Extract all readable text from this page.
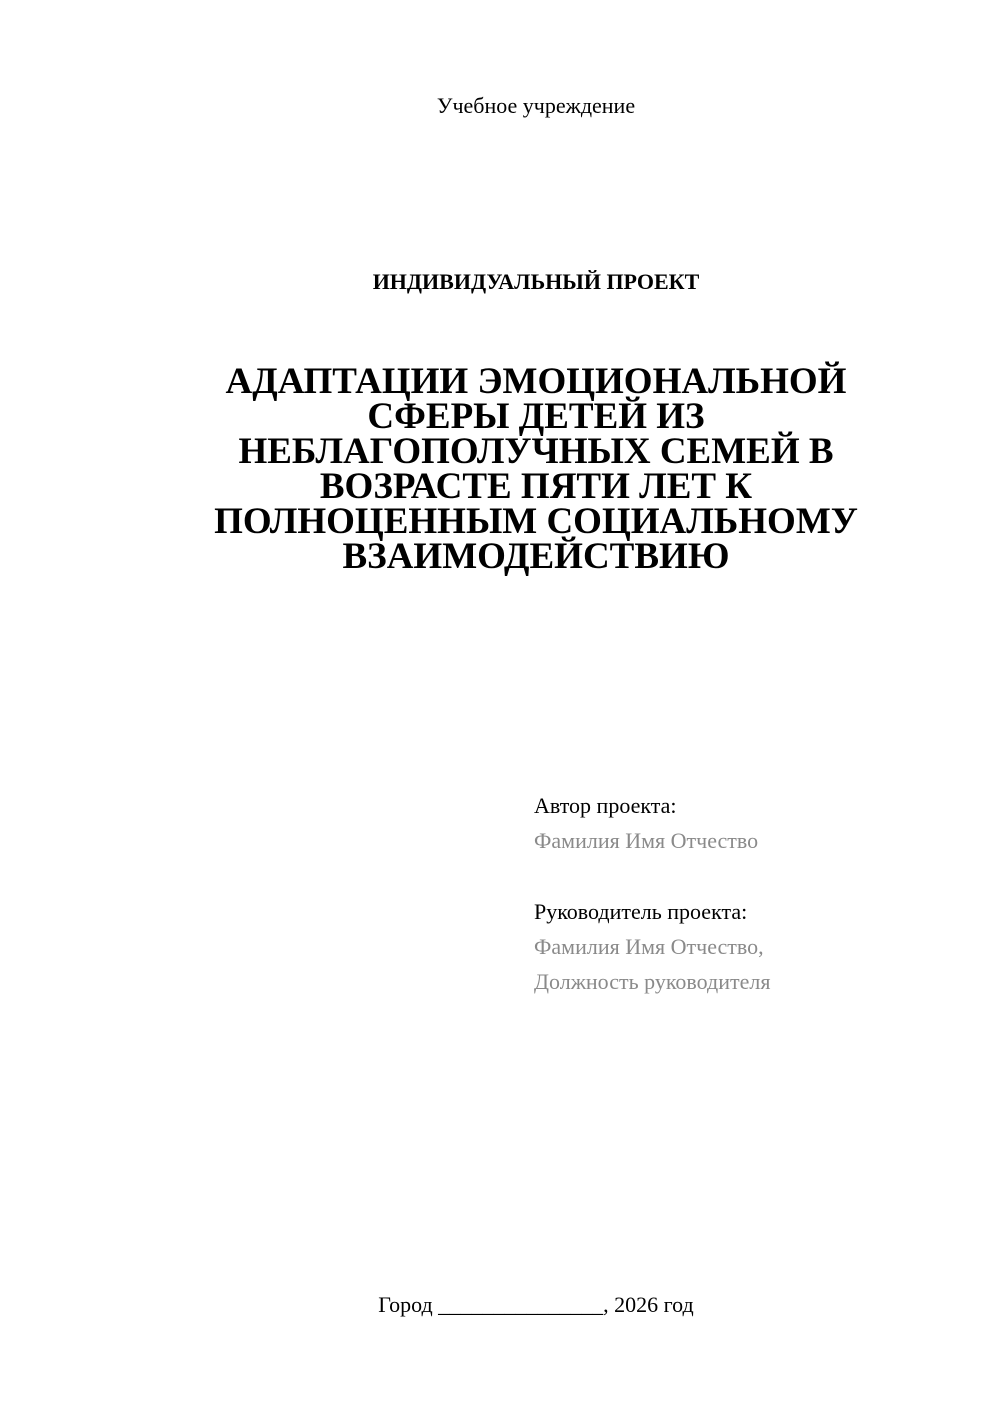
Учебное учреждение
ИНДИВИДУАЛЬНЫЙ ПРОЕКТ
АДАПТАЦИИ ЭМОЦИОНАЛЬНОЙ
СФЕРЫ ДЕТЕЙ ИЗ
НЕБЛАГОПОЛУЧНЫХ СЕМЕЙ В
ВОЗРАСТЕ ПЯТИ ЛЕТ К
ПОЛНОЦЕННЫМ СОЦИАЛЬНОМУ
ВЗАИМОДЕЙСТВИЮ
Автор проекта:
Фамилия Имя Отчество
Руководитель проекта:
Фамилия Имя Отчество,
Должность руководителя
Город _______________, 2026 год
